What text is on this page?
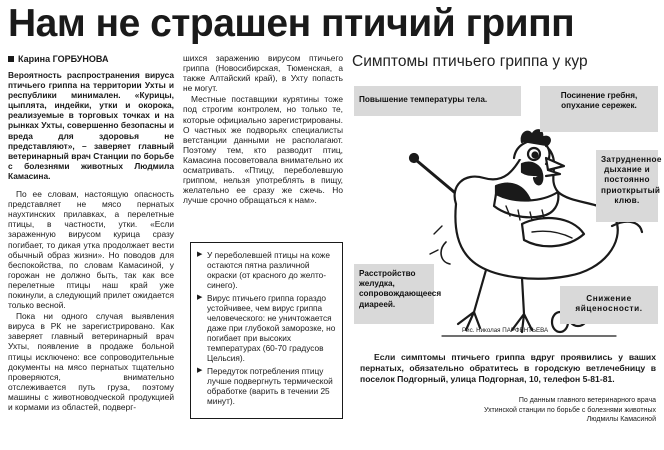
Нам не страшен птичий грипп
Карина ГОРБУНОВА

Вероятность распространения вируса птичьего гриппа на территории Ухты и республики минимален. «Курицы, цыплята, индейки, утки и окорока, реализуемые в торговых точках и на рынках Ухты, совершенно безопасны и вреда для здоровья не представляют», – заверяет главный ветеринарный врач Станции по борьбе с болезнями животных Людмила Камасина.

По ее словам, настоящую опасность представляет не мясо пернатых наухтинских прилавках, а перелетные птицы, в частности, утки. «Если зараженную вирусом курица сразу погибает, то дикая утка продолжает вести обычный образ жизни». Но поводов для беспокойства, по словам Камасиной, у горожан не должно быть, так как все перелетные птицы наш край уже покинули, а следующий прилет ожидается только весной.

Пока ни одного случая выявления вируса в РК не зарегистрировано. Как заверяет главный ветеринарный врач Ухты, появление в продаже больной птицы исключено: все сопроводительные документы на мясо пернатых тщательно проверяются, внимательно отслеживается путь груза, поэтому машины с животноводческой продукцией и кормами из областей, подверг-

шихся заражению вирусом птичьего гриппа (Новосибирская, Тюменская, а также Алтайский край), в Ухту попасть не могут.

Местные поставщики курятины тоже под строгим контролем, но только те, которые официально зарегистрированы. О частных же подворьях специалисты ветстанции данными не располагают. Поэтому тем, кто разводит птиц, Камасина посоветовала внимательно их осматривать. «Птицу, переболевшую гриппом, нельзя употреблять в пищу, желательно ее сразу же сжечь. Но лучше срочно обращаться к нам».

▶ У переболевшей птицы на коже остаются пятна различной окраски (от красного до желто-синего).
▶ Вирус птичьего гриппа гораздо устойчивее, чем вирус гриппа человеческого: не уничтожается даже при глубокой заморозке, но погибает при высоких температурах (60-70 градусов Цельсия).
▶ Передуток потребления птицу лучше подвергнуть термической обработке (варить в течении 25 минут).
Симптомы птичьего гриппа у кур
Повышение температуры тела.	Посинение гребня, опухание сережек.
Затрудненное дыхание и постоянно приоткрытый клюв.
Расстройство желудка, сопровождающееся диареей.
Снижение яйценосности.
Рис. Николая ПАРФЕНТЬЕВА

Если симптомы птичьего гриппа вдруг проявились у ваших пернатых, обязательно обратитесь в городскую ветлечебницу в поселок Подгорный, улица Подгорная, 10, телефон 5-81-81.

По данным главного ветеринарного врача
Ухтинской станции по борьбе с болезнями животных
Людмилы Камасиной
